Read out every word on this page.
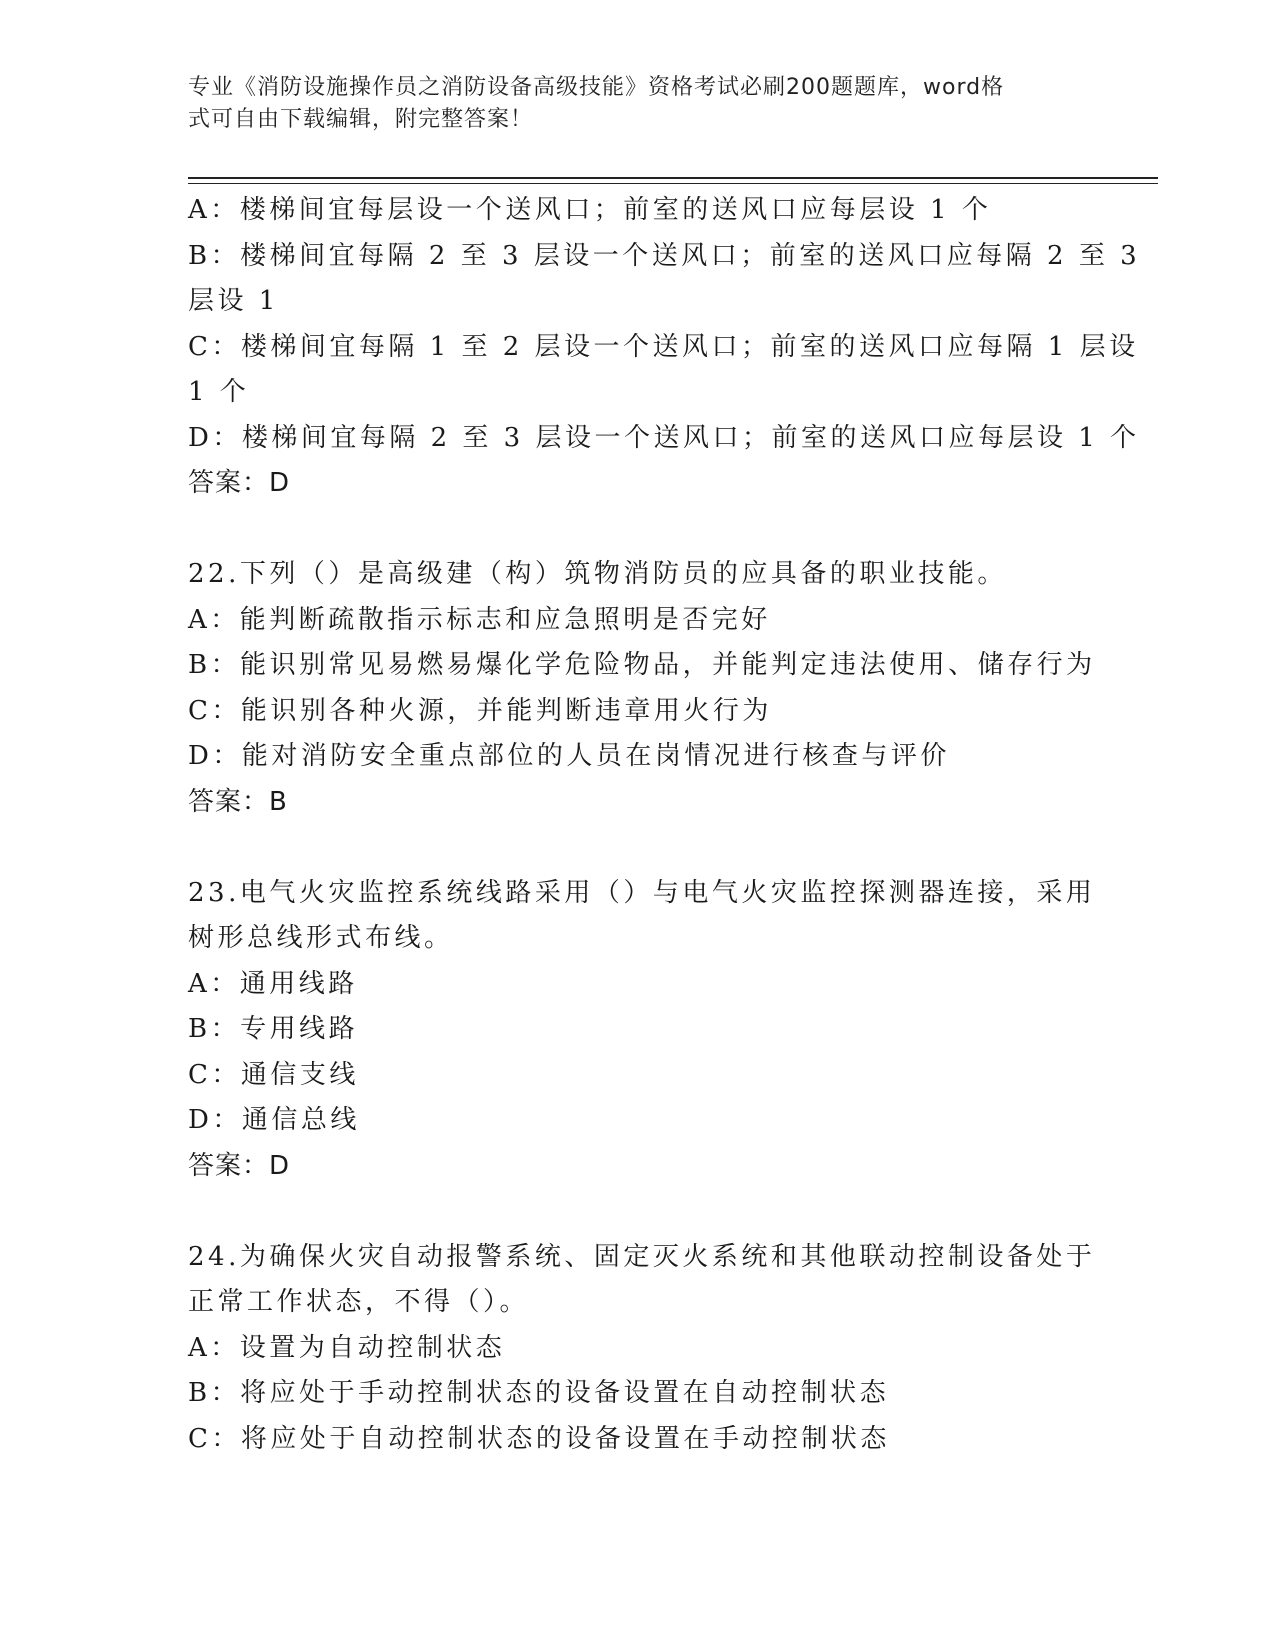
专业《消防设施操作员之消防设备高级技能》资格考试必刷200题题库，word格
式可自由下载编辑，附完整答案！
A：楼梯间宜每层设一个送风口；前室的送风口应每层设 1 个
B：楼梯间宜每隔 2 至 3 层设一个送风口；前室的送风口应每隔 2 至 3
层设 1
C：楼梯间宜每隔 1 至 2 层设一个送风口；前室的送风口应每隔 1 层设
1 个
D：楼梯间宜每隔 2 至 3 层设一个送风口；前室的送风口应每层设 1 个
答案：D
22.下列（）是高级建（构）筑物消防员的应具备的职业技能。
A：能判断疏散指示标志和应急照明是否完好
B：能识别常见易燃易爆化学危险物品，并能判定违法使用、储存行为
C：能识别各种火源，并能判断违章用火行为
D：能对消防安全重点部位的人员在岗情况进行核查与评价
答案：B
23.电气火灾监控系统线路采用（）与电气火灾监控探测器连接，采用
树形总线形式布线。
A：通用线路
B：专用线路
C：通信支线
D：通信总线
答案：D
24.为确保火灾自动报警系统、固定灭火系统和其他联动控制设备处于
正常工作状态，不得（）。
A：设置为自动控制状态
B：将应处于手动控制状态的设备设置在自动控制状态
C：将应处于自动控制状态的设备设置在手动控制状态
